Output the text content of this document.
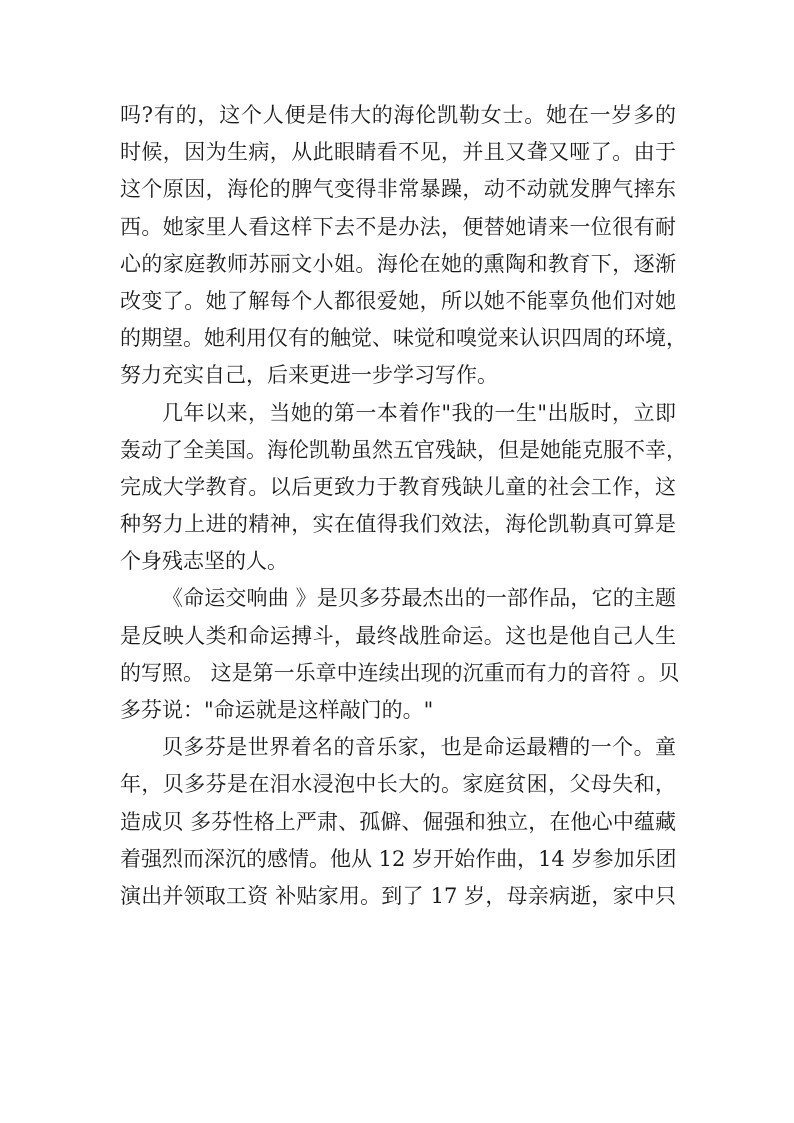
吗?有的，这个人便是伟大的海伦凯勒女士。她在一岁多的
时候，因为生病，从此眼睛看不见，并且又聋又哑了。由于
这个原因，海伦的脾气变得非常暴躁，动不动就发脾气摔东
西。她家里人看这样下去不是办法，便替她请来一位很有耐
心的家庭教师苏丽文小姐。海伦在她的熏陶和教育下，逐渐
改变了。她了解每个人都很爱她，所以她不能辜负他们对她
的期望。她利用仅有的触觉、味觉和嗅觉来认识四周的环境，
努力充实自己，后来更进一步学习写作。
几年以来，当她的第一本着作"我的一生"出版时，立即
轰动了全美国。海伦凯勒虽然五官残缺，但是她能克服不幸，
完成大学教育。以后更致力于教育残缺儿童的社会工作，这
种努力上进的精神，实在值得我们效法，海伦凯勒真可算是
个身残志坚的人。
《命运交响曲 》是贝多芬最杰出的一部作品，它的主题
是反映人类和命运搏斗，最终战胜命运。这也是他自己人生
的写照。 这是第一乐章中连续出现的沉重而有力的音符 。贝
多芬说："命运就是这样敲门的。"
贝多芬是世界着名的音乐家，也是命运最糟的一个。童
年，贝多芬是在泪水浸泡中长大的。家庭贫困，父母失和，
造成贝 多芬性格上严肃、孤僻、倔强和独立，在他心中蕴藏
着强烈而深沉的感情。他从 12 岁开始作曲，14 岁参加乐团
演出并领取工资 补贴家用。到了 17 岁，母亲病逝，家中只
